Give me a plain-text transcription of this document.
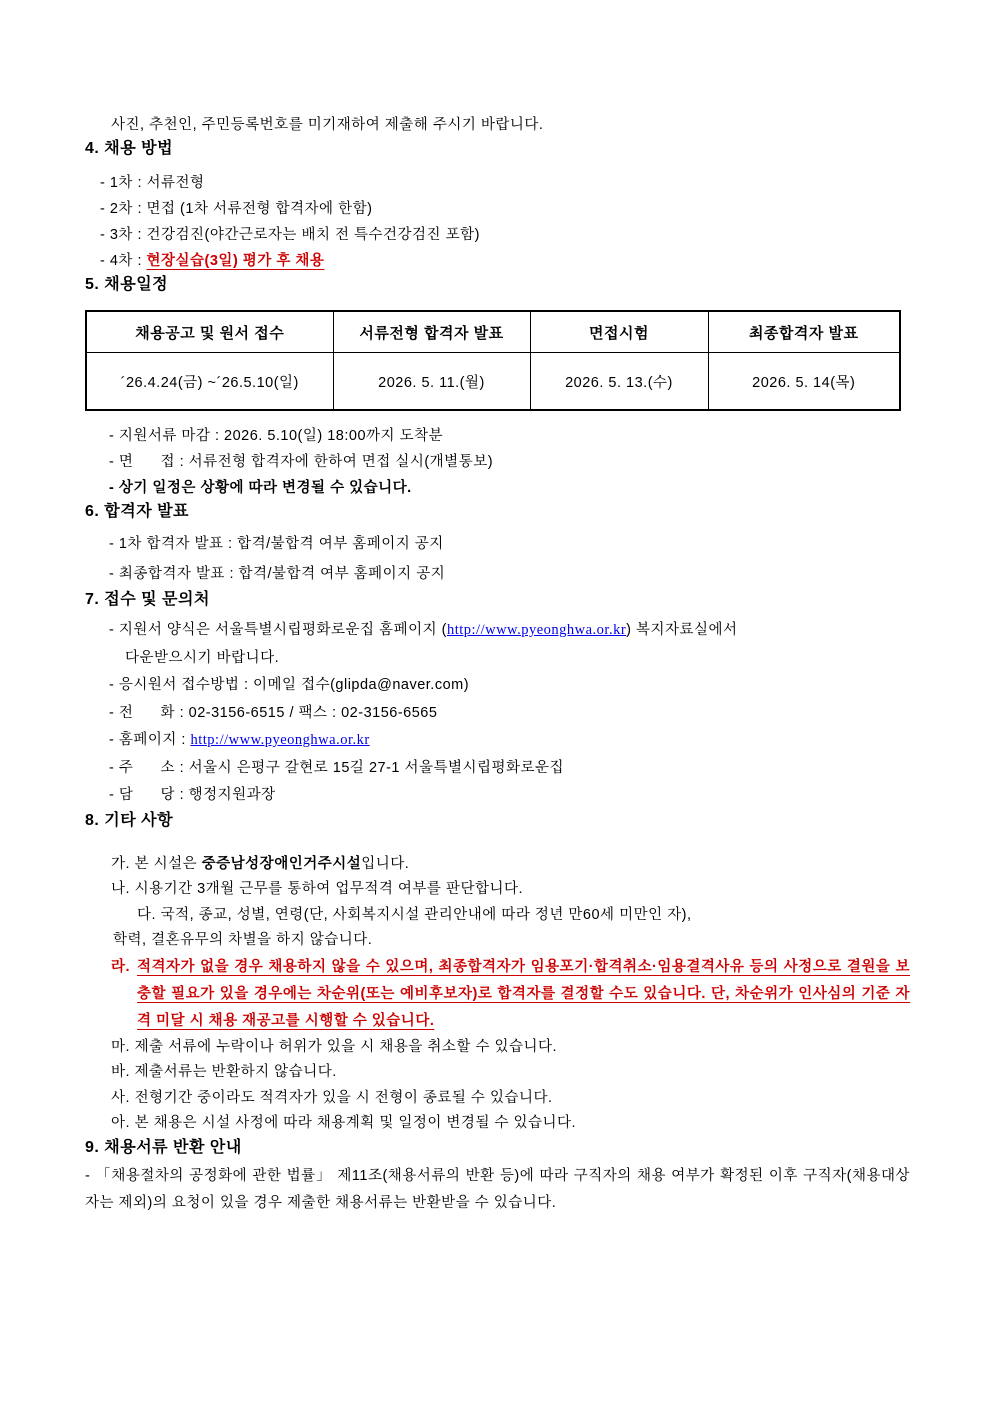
사진, 추천인, 주민등록번호를 미기재하여 제출해 주시기 바랍니다.
4. 채용 방법
- 1차 : 서류전형
- 2차 : 면접 (1차 서류전형 합격자에 한함)
- 3차 : 건강검진(야간근로자는 배치 전 특수건강검진 포함)
- 4차 : 현장실습(3일) 평가 후 채용
5. 채용일정
채용공고 및 원서 접수	서류전형 합격자 발표	면접시험	최종합격자 발표
´26.4.24(금) ~´26.5.10(일)	2026. 5. 11.(월)	2026. 5. 13.(수)	2026. 5. 14(목)
- 지원서류 마감 : 2026. 5.10(일) 18:00까지 도착분
- 면      접 : 서류전형 합격자에 한하여 면접 실시(개별통보)
- 상기 일정은 상황에 따라 변경될 수 있습니다.
6. 합격자 발표
- 1차 합격자 발표 : 합격/불합격 여부 홈페이지 공지
- 최종합격자 발표 : 합격/불합격 여부 홈페이지 공지
7. 접수 및 문의처
- 지원서 양식은 서울특별시립평화로운집 홈페이지 (http://www.pyeonghwa.or.kr) 복지자료실에서
다운받으시기 바랍니다.
- 응시원서 접수방법 : 이메일 접수(glipda@naver.com)
- 전      화 : 02-3156-6515 / 팩스 : 02-3156-6565
- 홈페이지 : http://www.pyeonghwa.or.kr
- 주      소 : 서울시 은평구 갈현로 15길 27-1 서울특별시립평화로운집
- 담      당 : 행정지원과장
8. 기타 사항
가. 본 시설은 중증남성장애인거주시설입니다.
나. 시용기간 3개월 근무를 통하여 업무적격 여부를 판단합니다.
다. 국적, 종교, 성별, 연령(단, 사회복지시설 관리안내에 따라 정년 만60세 미만인 자),
학력, 결혼유무의 차별을 하지 않습니다.
라. 적격자가 없을 경우 채용하지 않을 수 있으며, 최종합격자가 임용포기·합격취소·임용결격사유 등의 사정으로 결원을 보충할 필요가 있을 경우에는 차순위(또는 예비후보자)로 합격자를 결정할 수도 있습니다. 단, 차순위가 인사심의 기준 자격 미달 시 채용 재공고를 시행할 수 있습니다.
마. 제출 서류에 누락이나 허위가 있을 시 채용을 취소할 수 있습니다.
바. 제출서류는 반환하지 않습니다.
사. 전형기간 중이라도 적격자가 있을 시 전형이 종료될 수 있습니다.
아. 본 채용은 시설 사정에 따라 채용계획 및 일정이 변경될 수 있습니다.
9. 채용서류 반환 안내
- 「채용절차의 공정화에 관한 법률」 제11조(채용서류의 반환 등)에 따라 구직자의 채용 여부가 확정된 이후 구직자(채용대상자는 제외)의 요청이 있을 경우 제출한 채용서류는 반환받을 수 있습니다.
